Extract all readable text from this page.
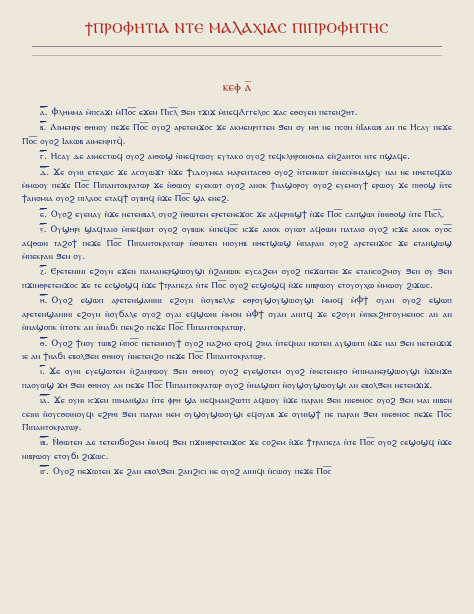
ϯⲠⲢⲞⲪⲎⲦⲒⲀ ⲚⲦⲈ ⲘⲀⲖⲀⲬⲒⲀⲤ ⲠⲒⲠⲢⲞⲪⲎⲦⲎⲤ
ⲕⲉⲫ ⲁ̅

ⲁ̅. Ⲫⲗⲏⲙⲙⲁ ⲙ̀ⲡⲥⲁϫⲓ ⲙ̀Ⲡⲟ̅ⲥ̅ ⲉϫⲉⲛ Ⲡⲓⲥ̅ⲗ̅ ϧⲉⲛ ⲧϫⲓϫ ⲙ̀ⲡⲉϥⲀⲅⲅⲉⲗⲟⲥ ϫⲁⲥ ⲉⲑⲟⲩⲉⲛ ⲡⲉⲧⲉⲛϩⲏⲧ.

ⲃ̅. Ⲁⲓⲙⲉⲛⲣⲉ ⲑⲏⲛⲟⲩ ⲡⲉϫⲉ Ⲡⲟ̅ⲥ̅ ⲟⲩⲟϩ ⲁⲣⲉⲧⲉⲛϫⲟⲥ ϫⲉ ⲁⲕⲙⲉⲛⲣⲓⲧⲧⲉⲛ ϧⲉⲛ ⲟⲩ ⲙⲏ ⲛⲉ ⲡⲥⲟⲛ ⲛ̀Ⲓⲁⲕⲱⲃ ⲁⲛ ⲡⲉ Ⲏⲥⲁⲩ ⲡⲉϫⲉ Ⲡⲟ̅ⲥ̅ ⲟⲩⲟϩ Ⲓⲁⲕⲱⲃ ⲁⲓⲙⲉⲛⲣⲓⲧϥ̀.

ⲅ̅. Ⲏⲥⲁⲩ ⲇⲉ ⲁⲓⲙⲉⲥⲧⲱϥ ⲟⲩⲟϩ ⲁⲓⲑⲱϣ ⲛ̀ⲛⲉϥⲧⲱⲟⲩ ⲉⲩⲧⲁⲕⲟ ⲟⲩⲟϩ ⲧⲉϥⲕⲗⲏⲣⲟⲛⲟⲙⲓⲁ ⲉⲛ̀ϩⲁⲛⲧⲟⲓ ⲛⲧⲉ ⲡϣⲁϥⲉ.

ⲇ̅. Ϫⲉ ⲟⲩⲛⲓ ⲉⲧⲉⲭⲱⲥ ϫⲉ ⲁⲥⲟⲩⲱϫⲧ ⲛ̀ϫⲉ Ϯⲓⲇⲟⲩⲙⲉⲁ ⲙⲁⲣⲉⲛⲧⲁⲥⲑⲟ ⲟⲩⲟϩ ⲛ̀ⲧⲉⲛⲕⲱⲧ ⲛ̀ⲛⲉⲥⲙ̀ⲙⲁϣⲉⲩ ⲛⲁⲓ ⲛⲉ ⲛⲏⲉⲧⲉϥϫⲱ ⲙ̀ⲙⲱⲟⲩ ⲡⲉϫⲉ Ⲡⲟ̅ⲥ̅ Ⲡⲓⲡⲁⲛⲧⲟⲕⲣⲁⲧⲱⲣ ϫⲉ ⲛ̀ⲑⲱⲟⲩ ⲉⲩⲉⲕⲱⲧ ⲟⲩⲟϩ ⲁⲛⲟⲕ ϯⲛⲁϣⲟⲣⲟⲩ ⲟⲩⲟϩ ⲉⲩⲉⲙⲟⲩϯ ⲉⲣⲱⲟⲩ ϫⲉ ⲡⲓⲑⲟϣ ⲛ̀ⲧⲉ ϯⲁⲛⲟⲙⲓⲁ ⲟⲩⲟϩ ⲡⲓⲗⲁⲟⲥ ⲉⲧⲁϥϯ ⲟⲩⲃⲏϥ ⲛ̀ϫⲉ Ⲡⲟ̅ⲥ̅ ϣⲁ ⲉⲛⲉϩ.

ⲉ̅. Ⲟⲩⲟϩ ⲉⲩⲉⲛⲁⲩ ⲛ̀ϫⲉ ⲛⲉⲧⲉⲛⲃⲁⲗ ⲟⲩⲟϩ ⲛ̀ⲑⲱⲧⲉⲛ ⲉⲣⲉⲧⲉⲛⲉϫⲟⲥ ϫⲉ ⲁϥⲉⲣⲛⲓϣϯ ⲛ̀ϫⲉ Ⲡⲟ̅ⲥ̅ ⲥⲁⲡϣⲱⲓ ⲛ̀ⲛⲓⲑⲟϣ ⲛ̀ⲧⲉ Ⲡⲓⲥ̅ⲗ̅.

ⲋ̅. Ⲟⲩϣⲏⲣⲓ ϣⲁϥⲧⲁⲓⲟ ⲙ̀ⲡⲉϥⲓⲱⲧ ⲟⲩⲟϩ ⲟⲩⲃⲱⲕ ⲙ̀ⲡⲉϥⲟ̅ⲥ̅ ⲓⲥϫⲉ ⲁⲛⲟⲕ ⲟⲩⲓⲱⲧ ⲁϥⲑⲱⲛ ⲡⲁⲧⲁⲓⲟ ⲟⲩⲟϩ ⲓⲥϫⲉ ⲁⲛⲟⲕ ⲟⲩⲟ̅ⲥ̅ ⲁϥⲑⲱⲛ ⲧⲁϩⲟϯ ⲡⲉϫⲉ Ⲡⲟ̅ⲥ̅ Ⲡⲓⲡⲁⲛⲧⲟⲕⲣⲁⲧⲱⲣ ⲛ̀ⲑⲱⲧⲉⲛ ⲛⲓⲟⲩⲏⲃ ⲛⲏⲉⲧϣⲱϣ ⲙ̀ⲡⲁⲣⲁⲛ ⲟⲩⲟϩ ⲁⲣⲉⲧⲉⲛϫⲟⲥ ϫⲉ ⲉⲧⲁⲛϣⲱϣ ⲙ̀ⲡⲉⲕⲣⲁⲛ ϧⲉⲛ ⲟⲩ.

ⲍ̅. Ⲉⲣⲉⲧⲉⲛⲓⲛⲓ ⲉϩⲟⲩⲛ ⲉϫⲉⲛ ⲡⲁⲙⲁⲛⲉⲣϣⲱⲟⲩϣⲓ ⲛ̀ϩⲁⲛⲱⲓⲕ ⲉⲩⲥⲁϩⲉⲙ ⲟⲩⲟϩ ⲡⲉϫⲱⲧⲉⲛ ϫⲉ ⲉⲧⲁⲛⲥⲟϩⲙⲟⲩ ϧⲉⲛ ⲟⲩ ϧⲉⲛ ⲡϫⲓⲛⲑⲣⲉⲧⲉⲛϫⲟⲥ ϫⲉ ⲧⲉ ⲉⲥϣⲟϣϥ ⲛ̀ϫⲉ ϯⲧⲣⲁⲡⲉⲍⲁ ⲛ̀ⲧⲉ Ⲡⲟ̅ⲥ̅ ⲟⲩⲟϩ ⲉⲥϣⲟϣϥ ⲛ̀ϫⲉ ⲛⲓⲃⲣⲱⲟⲩ ⲉⲧⲟⲩⲟⲩⲭⲱ ⲙ̀ⲙⲱⲟⲩ ϩⲓϫⲱⲥ.

ⲏ̅. Ⲟⲩⲟϩ ⲉϣⲱⲡ ⲁⲣⲉⲧⲉⲛϣⲁⲛⲓⲛⲓ ⲉϩⲟⲩⲛ ⲛ̀ⲟⲩⲃⲉⲗⲗⲉ ⲉⲑⲣⲟⲩϣⲟⲩϣⲱⲟⲩϣⲓ ⲙ̀ⲙⲟϥ ⲙ̀Ⲫϯ ⲟⲩⲁⲛ ⲟⲩⲟϩ ⲉϣⲱⲡ ⲁⲣⲉⲧⲉⲛϣⲁⲛⲓⲛⲓ ⲉϩⲟⲩⲛ ⲛ̀ⲟⲩϭⲁⲗⲉ ⲟⲩⲟϩ ⲟⲩⲁⲓ ⲉϥϣⲱⲛⲓ ⲙ̀ⲙⲟⲛ ⲙ̀Ⲫϯ ⲟⲩⲁⲛ ⲁⲛⲓⲧϥ ϫⲉ ⲉϩⲟⲩⲛ ⲙ̀ⲡⲉⲕϩⲏⲅⲟⲩⲙⲉⲛⲟⲥ ⲁⲛ ⲁⲛ ⲛ̀ⲛⲁϣⲟⲡⲕ ⲛ̀ⲧⲟⲧⲕ ⲁⲛ ⲛ̀ⲛⲁϭⲓ ⲡⲉⲕϩⲟ ⲡⲉϫⲉ Ⲡⲟ̅ⲥ̅ Ⲡⲓⲡⲁⲛⲧⲟⲕⲣⲁⲧⲱⲣ.

ⲑ̅. Ⲟⲩⲟϩ ϯⲛⲟⲩ ⲧⲱⲃϩ ⲙ̀ⲡⲟ̅ⲥ̅ ⲡⲉⲧⲉⲛⲛⲟⲩϯ ⲟⲩⲟϩ ⲛⲁϩⲙⲟ ⲉⲣⲟϥ ϩⲓⲛⲁ ⲛ̀ⲧⲉϥⲛⲁⲓ ⲛⲱⲧⲉⲛ ⲁⲩϣⲱⲡⲓ ⲛ̀ϫⲉ ⲛⲁⲓ ϧⲉⲛ ⲛⲉⲧⲉⲛϫⲓϫ ⲓⲉ ⲁⲛ ϯⲛⲁϭⲓ ⲉⲃⲟⲗϧⲉⲛ ⲑⲏⲛⲟⲩ ⲛ̀ⲛⲉⲧⲉⲛϩⲟ ⲡⲉϫⲉ Ⲡⲟ̅ⲥ̅ Ⲡⲓⲡⲁⲛⲧⲟⲕⲣⲁⲧⲱⲣ.

ⲓ̅. Ϫⲉ ⲟⲩⲛⲓ ⲉⲩⲉϣⲱⲧⲉⲙ ⲛ̀ϩⲁⲛⲣⲱⲟⲩ ϧⲉⲛ ⲑⲏⲛⲟⲩ ⲟⲩⲟϩ ⲉⲩⲉϣⲟⲧⲉⲙ ⲟⲩⲟϩ ⲛ̀ⲛⲉⲧⲉⲛⲉⲣⲟ ⲙ̀ⲡⲓⲙⲁⲛⲉⲣϣⲱⲟⲩϣⲓ ⲛ̀ϫⲓⲛϫⲏ ⲡⲁⲟⲩⲱϣ ϫⲏ ϧⲉⲛ ⲑⲏⲛⲟⲩ ⲁⲛ ⲡⲉϫⲉ Ⲡⲟ̅ⲥ̅ Ⲡⲓⲡⲁⲛⲧⲟⲕⲣⲁⲧⲱⲣ ⲟⲩⲟϩ ⲛ̀ⲛⲁϣⲱⲡ ⲛ̀ⲟⲩϣⲟⲩϣⲱⲟⲩϣⲓ ⲁⲛ ⲉⲃⲟⲗϧⲉⲛ ⲛⲉⲧⲉⲛϫⲓϫ.

ⲓ̅ⲁ̅. Ϫⲉ ⲟⲩⲛⲓ ⲓⲥϫⲉⲛ ⲡⲓⲙⲁⲛϣⲁⲓ ⲛ̀ⲧⲉ ⲫⲣⲏ ϣⲁ ⲛⲉϥⲙⲁⲛϩⲱⲧⲡ ⲁϥⲱⲟⲩ ⲛ̀ϫⲉ ⲡⲁⲣⲁⲛ ϧⲉⲛ ⲛⲓⲉⲑⲛⲟⲥ ⲟⲩⲟϩ ϧⲉⲛ ⲙⲁⲓ ⲛⲓⲃⲉⲛ ⲥⲉⲓⲛⲓ ⲛ̀ⲟⲩⲥⲑⲟⲓⲛⲟⲩϥⲓ ⲉϩⲣⲏⲓ ϧⲉⲛ ⲡⲁⲣⲁⲛ ⲛⲉⲙ ⲟⲩϣⲟⲩϣⲱⲟⲩϣⲓ ⲉϥⲟⲩⲁⲃ ϫⲉ ⲟⲩⲛⲓϣϯ ⲡⲉ ⲡⲁⲣⲁⲛ ϧⲉⲛ ⲛⲓⲉⲑⲛⲟⲥ ⲡⲉϫⲉ Ⲡⲟ̅ⲥ̅ Ⲡⲓⲡⲁⲛⲧⲟⲕⲣⲁⲧⲱⲣ.

ⲓ̅ⲃ̅. Ⲛ̀ⲑⲱⲧⲉⲛ ⲇⲉ ⲧⲉⲧⲉⲛϭⲟϩⲉⲙ ⲙ̀ⲙⲟϥ ϧⲉⲛ ⲡϫⲓⲛⲑⲣⲉⲧⲉⲛϫⲟⲥ ϫⲉ ⲥⲟϩⲉⲙ ⲛ̀ϫⲉ ϯⲧⲣⲁⲡⲉⲍⲁ ⲛ̀ⲧⲉ Ⲡⲟ̅ⲥ̅ ⲟⲩⲟϩ ⲥⲉϣⲟϣϥ ⲛ̀ϫⲉ ⲛⲓⲃⲣⲱⲟⲩ ⲉⲧⲟⲩϭⲓ ϩⲓϫⲱⲥ.

ⲓ̅ⲅ̅. Ⲟⲩⲟϩ ⲡⲉϫⲱⲧⲉⲛ ϫⲉ ϩⲁⲛ ⲉⲃⲟⲗϧⲉⲛ ϩⲁⲛϩⲓⲥⲓ ⲛⲉ ⲟⲩⲟϩ ⲁⲓⲛⲓϥⲓ ⲛ̀ⲥⲱⲟⲩ ⲡⲉϫⲉ Ⲡⲟ̅ⲥ̅
